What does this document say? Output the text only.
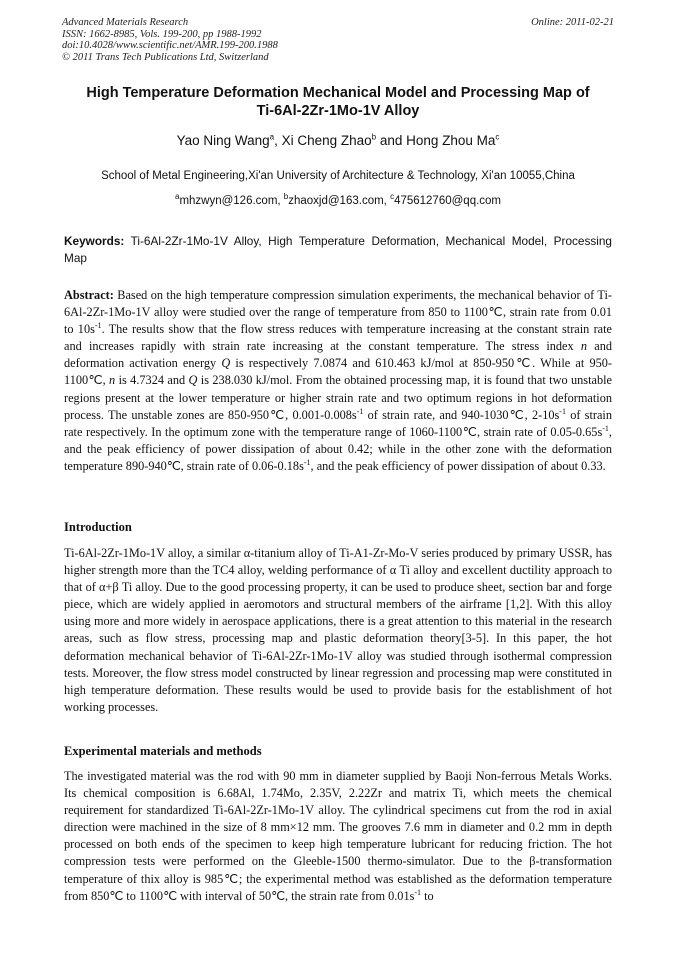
Advanced Materials Research
ISSN: 1662-8985, Vols. 199-200, pp 1988-1992
doi:10.4028/www.scientific.net/AMR.199-200.1988
© 2011 Trans Tech Publications Ltd, Switzerland
Online: 2011-02-21
High Temperature Deformation Mechanical Model and Processing Map of
Ti-6Al-2Zr-1Mo-1V Alloy
Yao Ning Wang$^a$, Xi Cheng Zhao$^b$ and Hong Zhou Ma$^c$
School of Metal Engineering,Xi'an University of Architecture & Technology, Xi'an 10055,China
$^a$mhzwyn@126.com, $^b$zhaoxjd@163.com, $^c$475612760@qq.com

Keywords: Ti-6Al-2Zr-1Mo-1V Alloy, High Temperature Deformation, Mechanical Model, Processing Map

Abstract: Based on the high temperature compression simulation experiments, the mechanical behavior of Ti-6Al-2Zr-1Mo-1V alloy were studied over the range of temperature from 850 to 1100℃, strain rate from 0.01 to $10s^{-1}$. The results show that the flow stress reduces with temperature increasing at the constant strain rate and increases rapidly with strain rate increasing at the constant temperature. The stress index n and deformation activation energy Q is respectively 7.0874 and 610.463 kJ/mol at 850-950℃. While at 950-1100℃, n is 4.7324 and Q is 238.030 kJ/mol. From the obtained processing map, it is found that two unstable regions present at the lower temperature or higher strain rate and two optimum regions in hot deformation process. The unstable zones are 850-950℃, $0.001-0.008s^{-1}$ of strain rate, and 940-1030℃, $2-10s^{-1}$ of strain rate respectively. In the optimum zone with the temperature range of 1060-1100℃, strain rate of $0.05-0.65s^{-1}$, and the peak efficiency of power dissipation of about 0.42; while in the other zone with the deformation temperature 890-940℃, strain rate of $0.06-0.18s^{-1}$, and the peak efficiency of power dissipation of about 0.33.

Introduction

Ti-6Al-2Zr-1Mo-1V alloy, a similar α-titanium alloy of Ti-A1-Zr-Mo-V series produced by primary USSR, has higher strength more than the TC4 alloy, welding performance of α Ti alloy and excellent ductility approach to that of α+β Ti alloy. Due to the good processing property, it can be used to produce sheet, section bar and forge piece, which are widely applied in aeromotors and structural members of the airframe [1,2]. With this alloy using more and more widely in aerospace applications, there is a great attention to this material in the research areas, such as flow stress, processing map and plastic deformation theory[3-5]. In this paper, the hot deformation mechanical behavior of Ti-6Al-2Zr-1Mo-1V alloy was studied through isothermal compression tests. Moreover, the flow stress model constructed by linear regression and processing map were constituted in high temperature deformation. These results would be used to provide basis for the establishment of hot working processes.

Experimental materials and methods

The investigated material was the rod with 90 mm in diameter supplied by Baoji Non-ferrous Metals Works. Its chemical composition is 6.68Al, 1.74Mo, 2.35V, 2.22Zr and matrix Ti, which meets the chemical requirement for standardized Ti-6Al-2Zr-1Mo-1V alloy. The cylindrical specimens cut from the rod in axial direction were machined in the size of 8 mm×12 mm. The grooves 7.6 mm in diameter and 0.2 mm in depth processed on both ends of the specimen to keep high temperature lubricant for reducing friction. The hot compression tests were performed on the Gleeble-1500 thermo-simulator. Due to the β-transformation temperature of thix alloy is 985℃; the experimental method was established as the deformation temperature from 850℃ to 1100℃ with interval of 50℃, the strain rate from $0.01s^{-1}$ to
